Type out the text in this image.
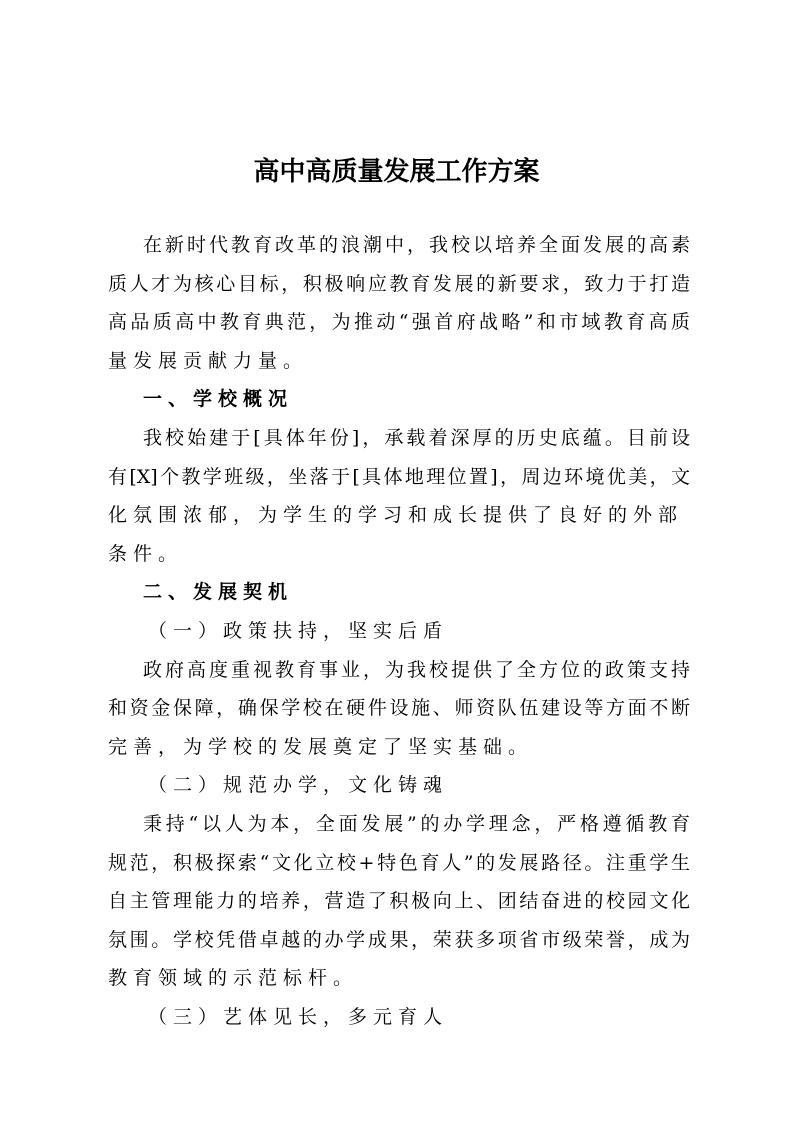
高中高质量发展工作方案
在新时代教育改革的浪潮中，我校以培养全面发展的高素
质人才为核心目标，积极响应教育发展的新要求，致力于打造
高品质高中教育典范，为推动“强首府战略”和市域教育高质
量发展贡献力量。
一、学校概况
我校始建于[具体年份]，承载着深厚的历史底蕴。目前设
有[X]个教学班级，坐落于[具体地理位置]，周边环境优美，文
化氛围浓郁，为学生的学习和成长提供了良好的外部条件。
二、发展契机
（一）政策扶持，坚实后盾
政府高度重视教育事业，为我校提供了全方位的政策支持
和资金保障，确保学校在硬件设施、师资队伍建设等方面不断
完善，为学校的发展奠定了坚实基础。
（二）规范办学，文化铸魂
秉持“以人为本，全面发展”的办学理念，严格遵循教育
规范，积极探索“文化立校+特色育人”的发展路径。注重学生
自主管理能力的培养，营造了积极向上、团结奋进的校园文化
氛围。学校凭借卓越的办学成果，荣获多项省市级荣誉，成为
教育领域的示范标杆。
（三）艺体见长，多元育人
